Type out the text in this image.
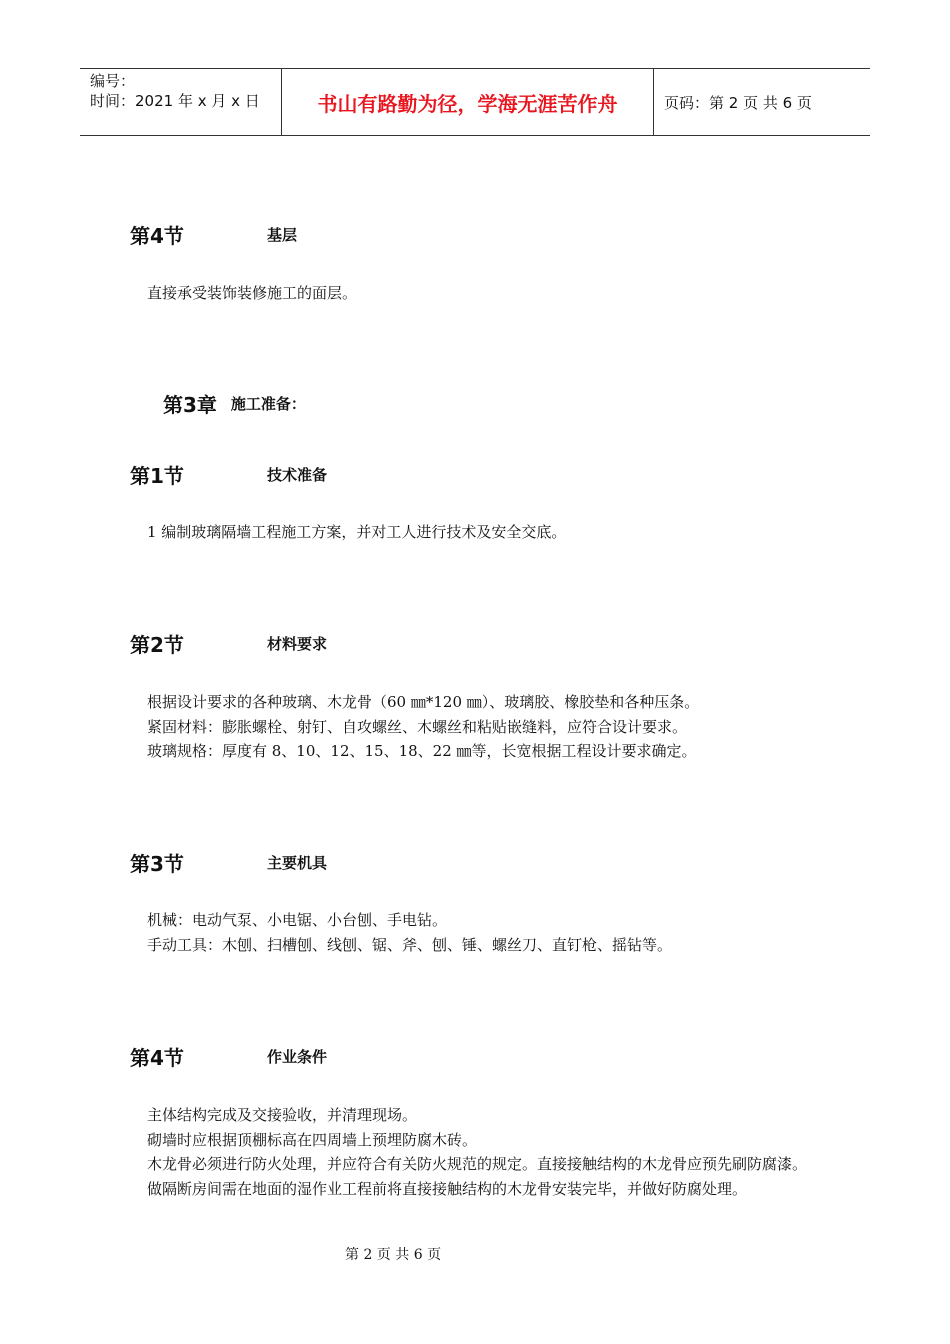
编号：
时间：2021 年 x 月 x 日	书山有路勤为径，学海无涯苦作舟	页码：第 2 页 共 6 页
第4节	基层

直接承受装饰装修施工的面层。

第3章 施工准备：
第1节	技术准备

1 编制玻璃隔墙工程施工方案，并对工人进行技术及安全交底。

第2节	材料要求

根据设计要求的各种玻璃、木龙骨（60 ㎜*120 ㎜）、玻璃胶、橡胶垫和各种压条。

紧固材料：膨胀螺栓、射钉、自攻螺丝、木螺丝和粘贴嵌缝料，应符合设计要求。

玻璃规格：厚度有 8、10、12、15、18、22 ㎜等，长宽根据工程设计要求确定。

第3节	主要机具

机械：电动气泵、小电锯、小台刨、手电钻。

手动工具：木刨、扫槽刨、线刨、锯、斧、刨、锤、螺丝刀、直钉枪、摇钻等。

第4节	作业条件

主体结构完成及交接验收，并清理现场。

砌墙时应根据顶棚标高在四周墙上预埋防腐木砖。

木龙骨必须进行防火处理，并应符合有关防火规范的规定。直接接触结构的木龙骨应预先刷防腐漆。

做隔断房间需在地面的湿作业工程前将直接接触结构的木龙骨安装完毕，并做好防腐处理。

第 2 页 共 6 页
